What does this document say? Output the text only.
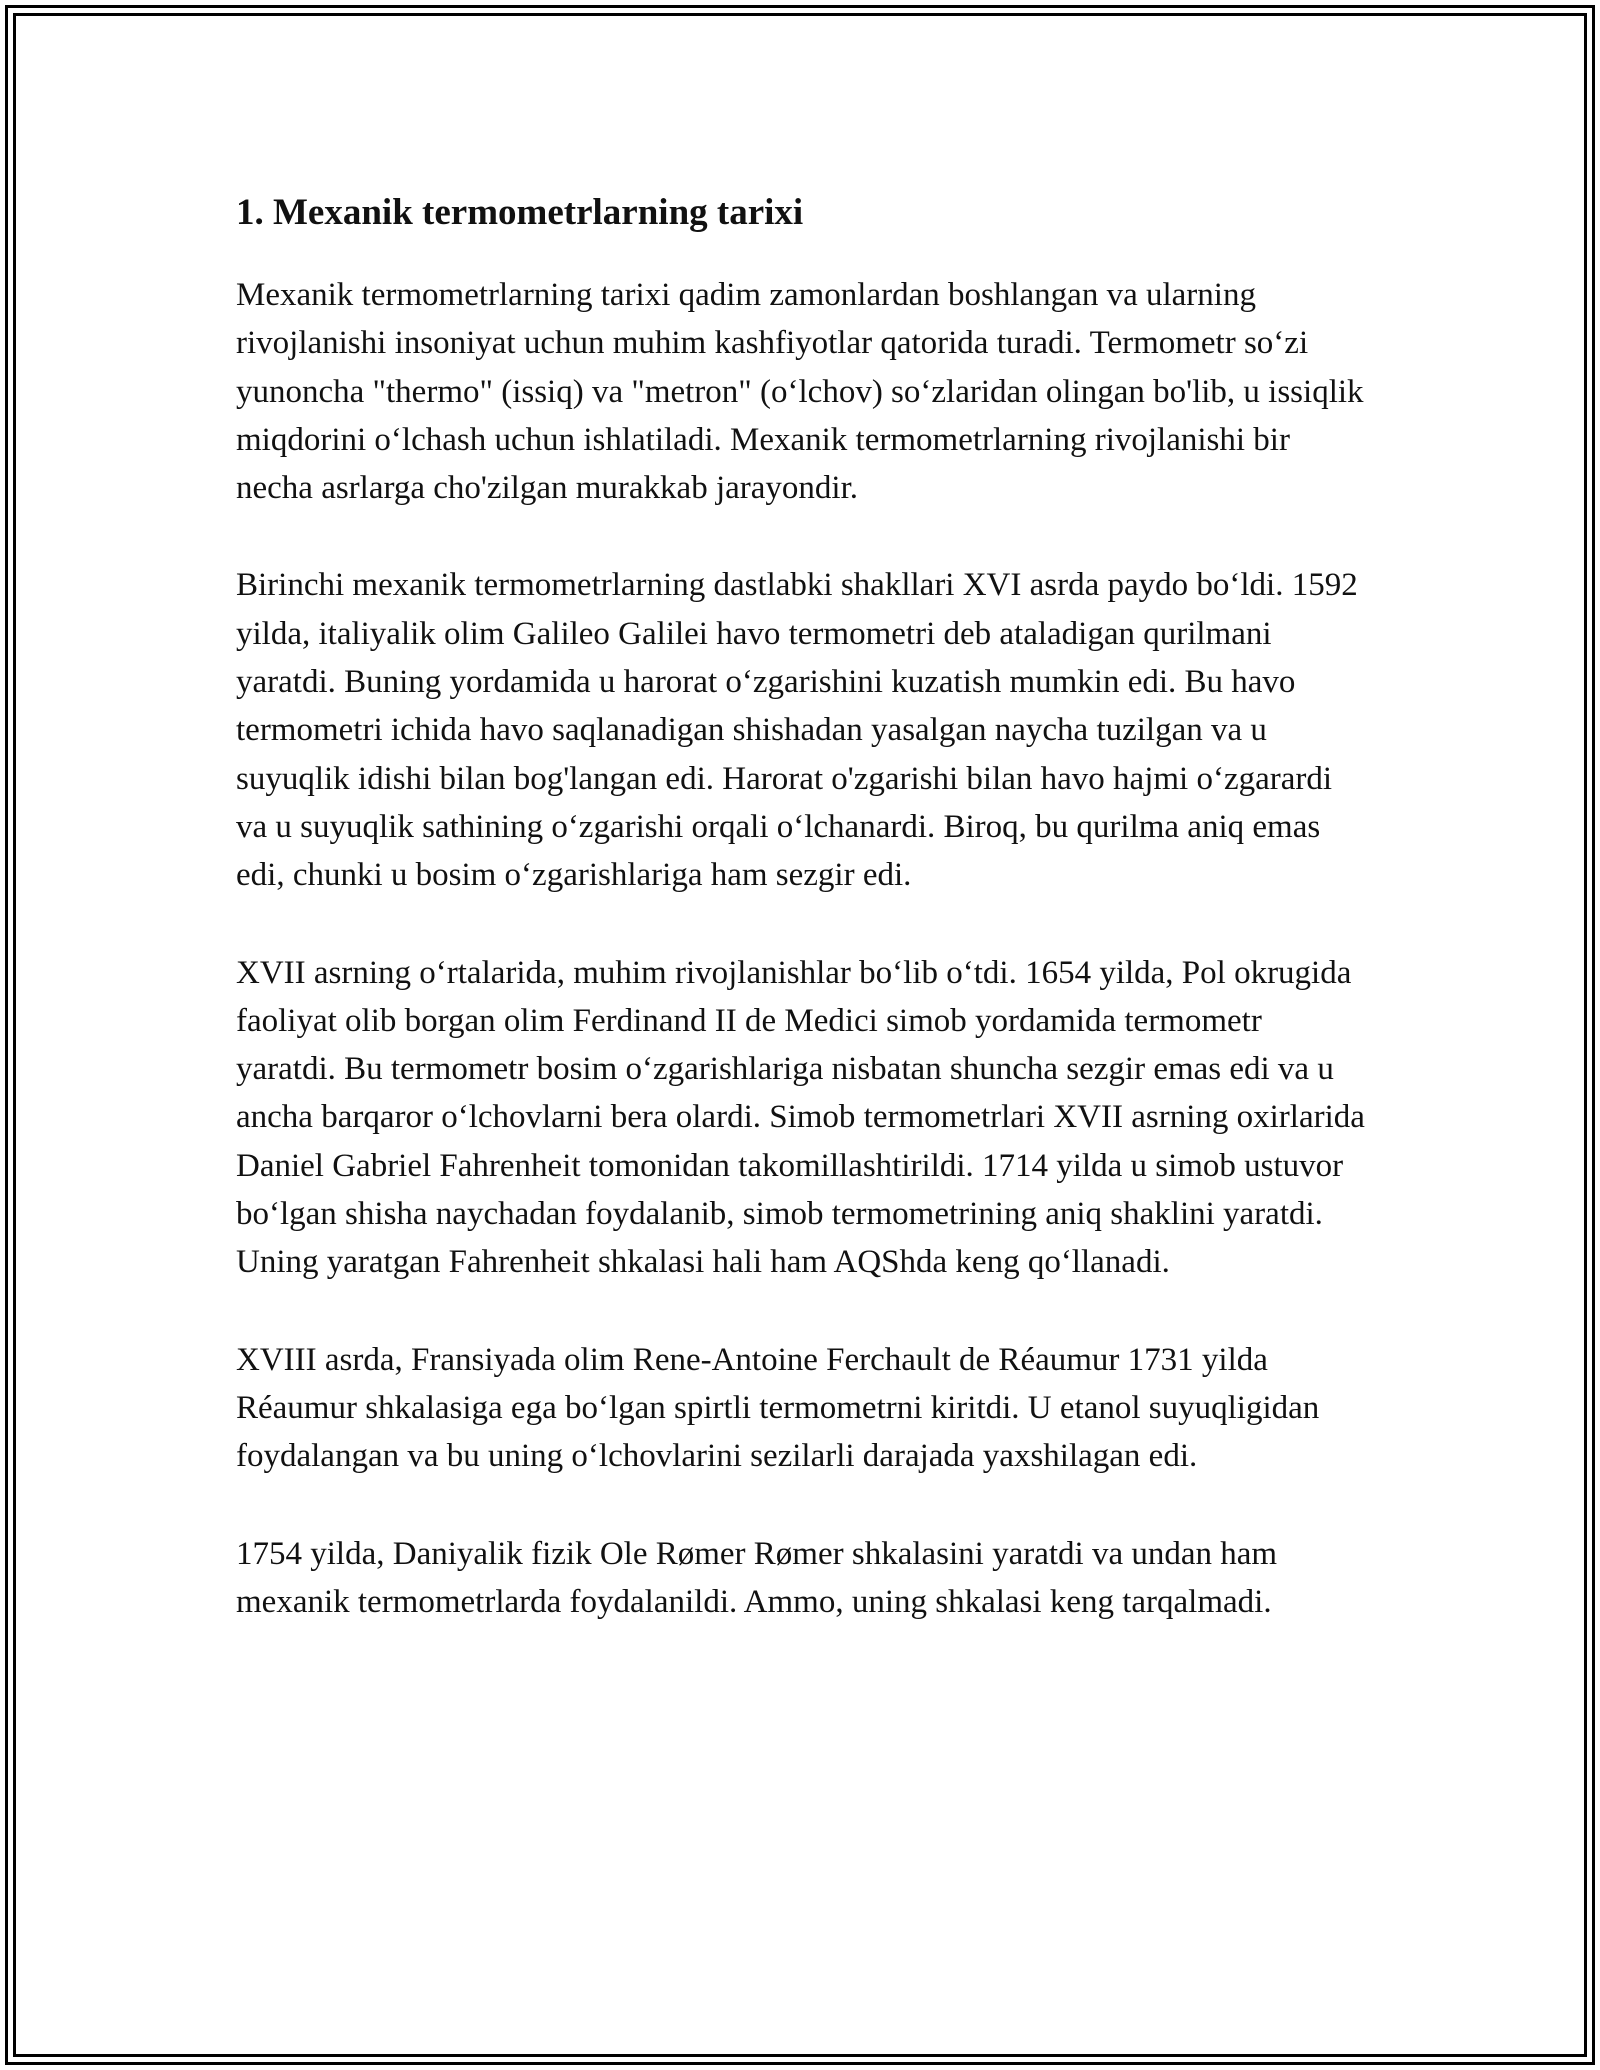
1. Mexanik termometrlarning tarixi

Mexanik termometrlarning tarixi qadim zamonlardan boshlangan va ularning rivojlanishi insoniyat uchun muhim kashfiyotlar qatorida turadi. Termometr so‘zi yunoncha "thermo" (issiq) va "metron" (o‘lchov) so‘zlaridan olingan bo'lib, u issiqlik miqdorini o‘lchash uchun ishlatiladi. Mexanik termometrlarning rivojlanishi bir necha asrlarga cho'zilgan murakkab jarayondir.

Birinchi mexanik termometrlarning dastlabki shakllari XVI asrda paydo bo‘ldi. 1592 yilda, italiyalik olim Galileo Galilei havo termometri deb ataladigan qurilmani yaratdi. Buning yordamida u harorat o‘zgarishini kuzatish mumkin edi. Bu havo termometri ichida havo saqlanadigan shishadan yasalgan naycha tuzilgan va u suyuqlik idishi bilan bog'langan edi. Harorat o'zgarishi bilan havo hajmi o‘zgarardi va u suyuqlik sathining o‘zgarishi orqali o‘lchanardi. Biroq, bu qurilma aniq emas edi, chunki u bosim o‘zgarishlariga ham sezgir edi.

XVII asrning o‘rtalarida, muhim rivojlanishlar bo‘lib o‘tdi. 1654 yilda, Pol okrugida faoliyat olib borgan olim Ferdinand II de Medici simob yordamida termometr yaratdi. Bu termometr bosim o‘zgarishlariga nisbatan shuncha sezgir emas edi va u ancha barqaror o‘lchovlarni bera olardi. Simob termometrlari XVII asrning oxirlarida Daniel Gabriel Fahrenheit tomonidan takomillashtirildi. 1714 yilda u simob ustuvor bo‘lgan shisha naychadan foydalanib, simob termometrining aniq shaklini yaratdi. Uning yaratgan Fahrenheit shkalasi hali ham AQShda keng qo‘llanadi.

XVIII asrda, Fransiyada olim Rene-Antoine Ferchault de Réaumur 1731 yilda Réaumur shkalasiga ega bo‘lgan spirtli termometrni kiritdi. U etanol suyuqligidan foydalangan va bu uning o‘lchovlarini sezilarli darajada yaxshilagan edi.

1754 yilda, Daniyalik fizik Ole Rømer Rømer shkalasini yaratdi va undan ham mexanik termometrlarda foydalanildi. Ammo, uning shkalasi keng tarqalmadi.
